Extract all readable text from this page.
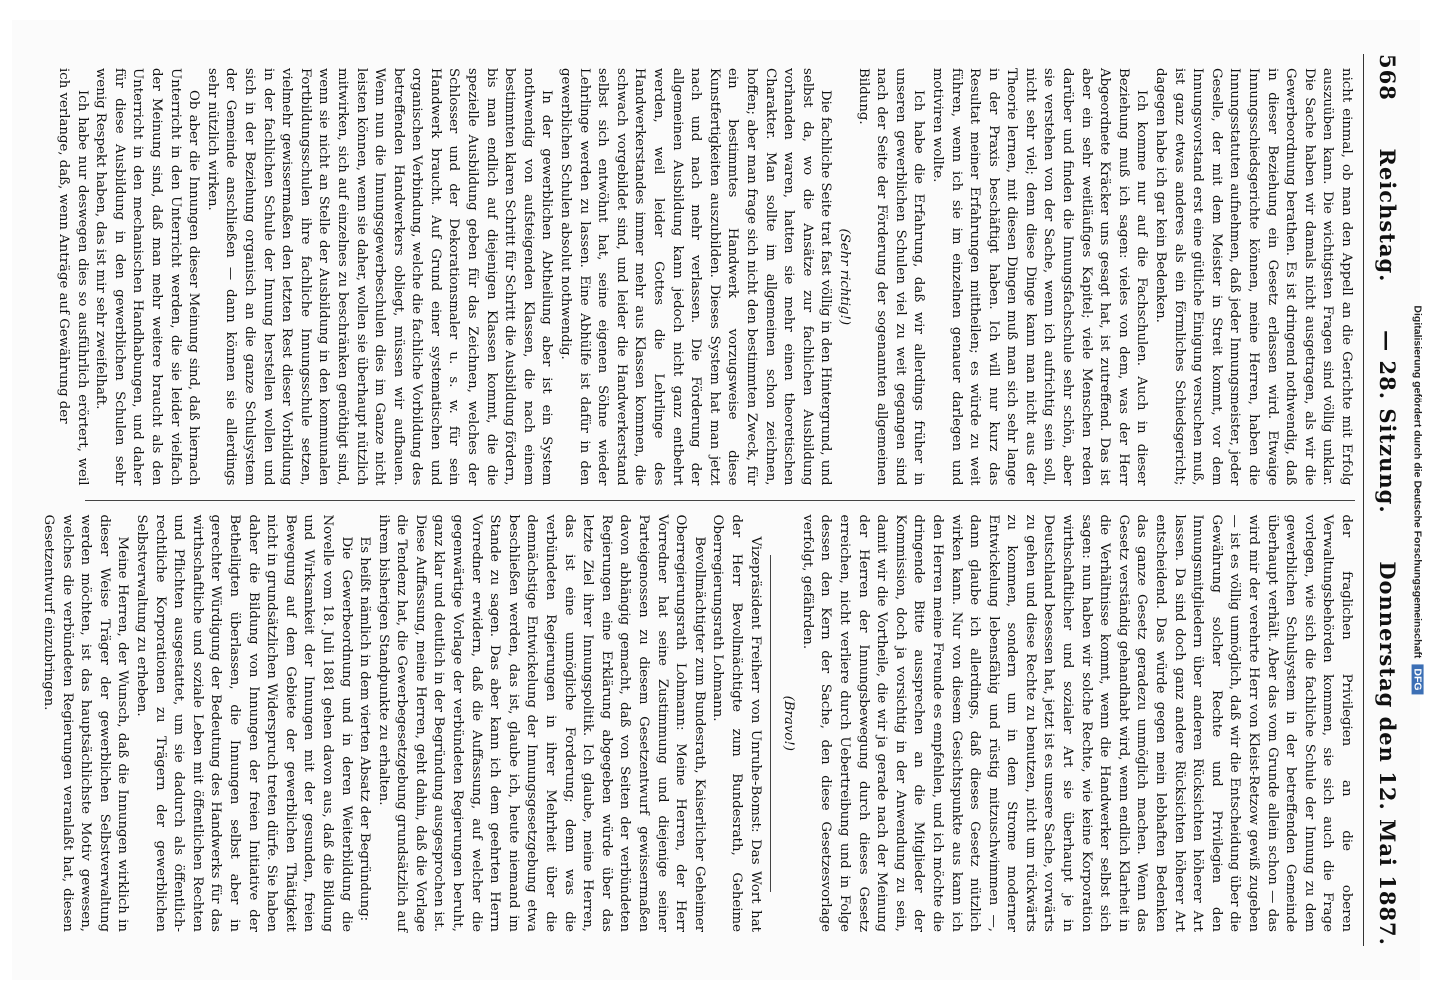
568
Reichstag.
— 28. Sitzung.
Donnerstag den 12. Mai 1887.

nicht einmal, ob man den Appell an die Gerichte mit Erfolg auszuüben kann. Die wichtigsten Fragen sind völlig unklar. Die Sache haben wir damals nicht ausgetragen, als wir die Gewerbeordnung berathen. Es ist dringend nothwendig, daß in dieser Beziehung ein Gesetz erlassen wird. Etwaige Innungsschiedsgerichte können, meine Herren, haben die Innungsstatuten aufnehmen, daß jeder Innungsmeister, jeder Geselle, der mit dem Meister in Streit kommt, vor dem Innungsvorstand erst eine gütliche Einigung versuchen muß, ist ganz etwas anderes als ein förmliches Schiedsgericht; dagegen habe ich gar kein Bedenken.

Ich komme nur auf die Fachschulen. Auch in dieser Beziehung muß ich sagen: vieles von dem, was der Herr Abgeordnete Kräcker uns gesagt hat, ist zutreffend. Das ist aber ein sehr weitläufiges Kapitel; viele Menschen reden darüber und finden die Innungsfachschule sehr schön, aber sie verstehen von der Sache, wenn ich aufrichtig sein soll, nicht sehr viel; denn diese Dinge kann man nicht aus der Theorie lernen, mit diesen Dingen muß man sich sehr lange in der Praxis beschäftigt haben. Ich will nur kurz das Resultat meiner Erfahrungen mittheilen; es würde zu weit führen, wenn ich sie im einzelnen genauer darlegen und motiviren wollte.

Ich habe die Erfahrung, daß wir allerdings früher in unseren gewerblichen Schulen viel zu weit gegangen sind nach der Seite der Förderung der sogenannten allgemeinen Bildung.

(Sehr richtig!)

Die fachliche Seite trat fast völlig in den Hintergrund, und selbst da, wo die Ansätze zur fachlichen Ausbildung vorhanden waren, hatten sie mehr einen theoretischen Charakter. Man sollte im allgemeinen schon zeichnen, hoffen; aber man frage sich nicht den bestimmten Zweck, für ein bestimmtes Handwerk vorzugsweise diese Kunstfertigkeiten auszubilden. Dieses System hat man jetzt nach und nach mehr verlassen. Die Förderung der allgemeinen Ausbildung kann jedoch nicht ganz entbehrt werden, weil leider Gottes die Lehrlinge des Handwerkerstandes immer mehr aus Klassen kommen, die schwach vorgebildet sind, und leider die Handwerkerstand selbst sich entwöhnt hat, seine eigenen Söhne wieder Lehrlinge werden zu lassen. Eine Abhülfe ist dafür in den gewerblichen Schulen absolut nothwendig.

In der gewerblichen Abtheilung aber ist ein System nothwendig von aufsteigenden Klassen, die nach einem bestimmten klaren Schritt für Schritt die Ausbildung fördern, bis man endlich auf diejenigen Klassen kommt, die die spezielle Ausbildung geben für das Zeichnen, welches der Schlosser und der Dekorationsmaler u. s. w. für sein Handwerk braucht. Auf Grund einer systematischen und organischen Verbindung, welche die fachliche Vorbildung des betreffenden Handwerkers obliegt, müssen wir aufbauen. Wenn nun die Innungsgewerbeschulen dies im Ganze nicht leisten können, wenn sie daher, wollen sie überhaupt nützlich mitwirken, sich auf einzelnes zu beschränken genöthigt sind, wenn sie nicht an Stelle der Ausbildung in den kommunalen Fortbildungsschulen ihre fachliche Innungsschule setzen, vielmehr gewissermaßen den letzten Rest dieser Vorbildung in der fachlichen Schule der Innung herstellen wollen und sich in der Beziehung organisch an die ganze Schulsystem der Gemeinde anschließen — dann können sie allerdings sehr nützlich wirken.

Ob aber die Innungen dieser Meinung sind, daß hiernach Unterricht in den Unterricht werden, die sie leider vielfach der Meinung sind, daß man mehr weitere braucht als den Unterricht in den mechanischen Handhabungen, und daher für diese Ausbildung in den gewerblichen Schulen sehr wenig Respekt haben, das ist mir sehr zweifelhaft.

Ich habe nur deswegen dies so ausführlich erörtert, weil ich verlange, daß, wenn Anträge auf Gewährung der

der fraglichen Privilegien an die oberen Verwaltungsbehörden kommen, sie sich auch die Frage vorlegen, wie sich die fachliche Schule der Innung zu dem gewerblichen Schulsystem in der betreffenden Gemeinde überhaupt verhält. Aber das vom Grunde allein schon — das wird mir der verehrte Herr von Kleist-Retzow gewiß zugeben — ist es völlig unmöglich, daß wir die Entscheidung über die Gewährung solcher Rechte und Privilegien den Innungsmitgliedern über anderen Rücksichten höherer Art lassen. Da sind doch ganz andere Rücksichten höherer Art entscheidend. Das würde gegen mein lebhaften Bedenken das ganze Gesetz geradezu unmöglich machen. Wenn das Gesetz verständig gehandhabt wird, wenn endlich Klarheit in die Verhältnisse kommt, wenn die Handwerker selbst sich sagen: nun haben wir solche Rechte, wie keine Korporation wirthschaftlicher und sozialer Art sie überhaupt je in Deutschland besessen hat, jetzt ist es unsere Sache, vorwärts zu gehen und diese Rechte zu benutzen, nicht um rückwärts zu kommen, sondern um in dem Strome moderner Entwickelung lebensfähig und rüstig mitzuschwimmen —, dann glaube ich allerdings, daß dieses Gesetz nützlich wirken kann. Nur von diesem Gesichtspunkte aus kann ich den Herren meine Freunde es empfehlen, und ich möchte die dringende Bitte aussprechen an die Mitglieder der Kommission, doch ja vorsichtig in der Anwendung zu sein, damit wir die Vortheile, die wir ja gerade nach der Meinung der Herren der Innungsbewegung durch dieses Gesetz erreichen, nicht verliere durch Uebertreibung und in Folge dessen den Kern der Sache, den diese Gesetzesvorlage verfolgt, gefährden.

(Bravo!)

Vizepräsident Freiherr von Unruhe-Bomst: Das Wort hat der Herr Bevollmächtigte zum Bundesrath, Geheime Oberregierungsrath Lohmann.

Bevollmächtigter zum Bundesrath, Kaiserlicher Geheimer Oberregierungsrath Lohmann: Meine Herren, der Herr Vorredner hat seine Zustimmung und diejenige seiner Parteigenossen zu diesem Gesetzentwurf gewissermaßen davon abhängig gemacht, daß von Seiten der verbündeten Regierungen eine Erklärung abgegeben würde über das letzte Ziel ihrer Innungspolitik. Ich glaube, meine Herren, das ist eine unmögliche Forderung; denn was die verbündeten Regierungen in ihrer Mehrheit über die demnächstige Entwickelung der Innungsgesetzgebung etwa beschließen werden, das ist, glaube ich, heute niemand im Stande zu sagen. Das aber kann ich dem geehrten Herrn Vorredner erwidern, daß die Auffassung, auf welcher die gegenwärtige Vorlage der verbündeten Regierungen beruht, ganz klar und deutlich in der Begründung ausgesprochen ist. Diese Auffassung, meine Herren, geht dahin, daß die Vorlage die Tendenz hat, die Gewerbegesetzgebung grundsätzlich auf ihrem bisherigen Standpunkte zu erhalten.

Es heißt nämlich in dem vierten Absatz der Begründung:

Die Gewerbeordnung und in deren Weiterbildung die Novelle vom 18. Juli 1881 gehen davon aus, daß die Bildung und Wirksamkeit der Innungen mit der gesunden, freien Bewegung auf dem Gebiete der gewerblichen Thätigkeit nicht in grundsätzlichen Widerspruch treten dürfe. Sie haben daher die Bildung von Innungen der freien Initiative der Betheiligten überlassen, die Innungen selbst aber in gerechter Würdigung der Bedeutung des Handwerks für das wirthschaftliche und soziale Leben mit öffentlichen Rechten und Pflichten ausgestattet, um sie dadurch als öffentlich-rechtliche Korporationen zu Trägern der gewerblichen Selbstverwaltung zu erheben.

Meine Herren, der Wunsch, daß die Innungen wirklich in dieser Weise Träger der gewerblichen Selbstverwaltung werden möchten, ist das hauptsächlichste Motiv gewesen, welches die verbündeten Regierungen veranlaßt hat, diesen Gesetzentwurf einzubringen.	Digitalisierung gefördert durch die Deutsche ForschungsgemeinschaftDFG
